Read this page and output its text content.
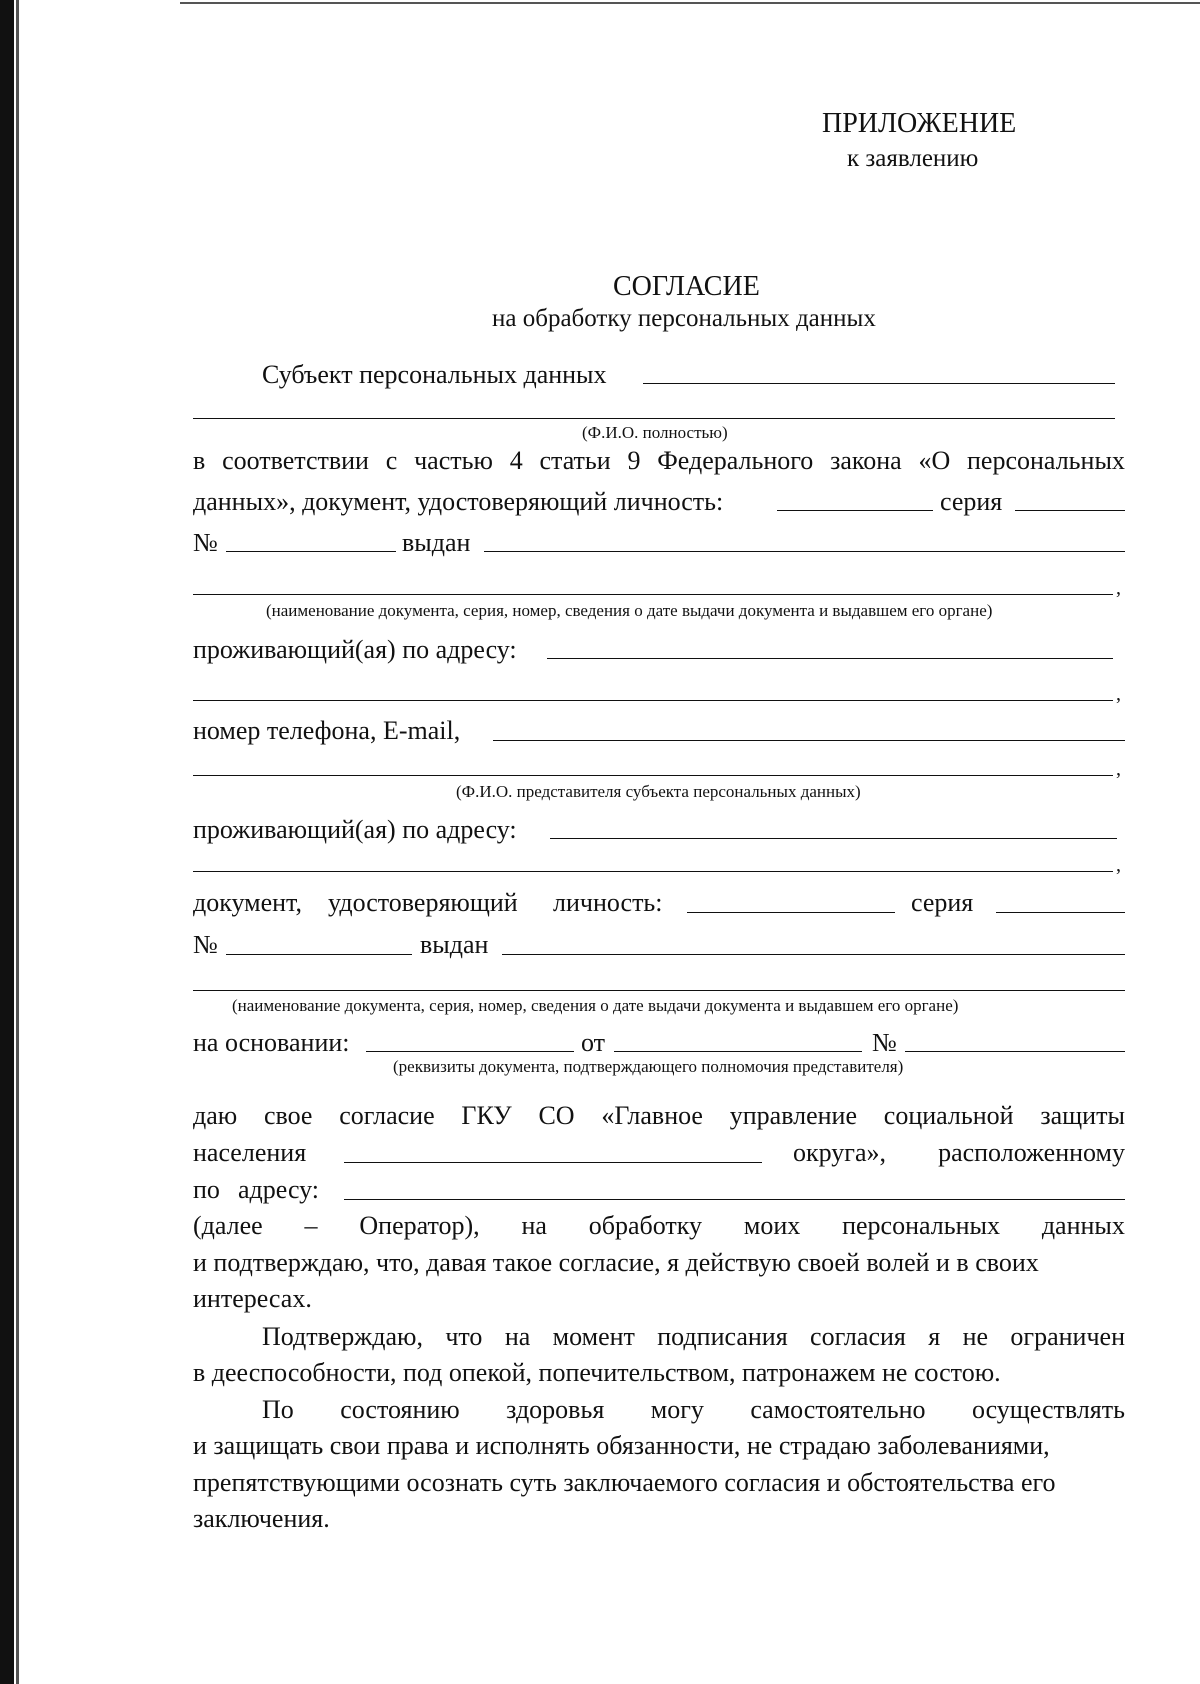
ПРИЛОЖЕНИЕ
к заявлению
СОГЛАСИЕ
на обработку персональных данных
Субъект персональных данных
(Ф.И.О. полностью)
в соответствии с частью 4 статьи 9 Федерального закона «О персональных
данных», документ, удостоверяющий личность:	серия
№	выдан
,
(наименование документа, серия, номер, сведения о дате выдачи документа и выдавшем его органе)
проживающий(ая) по адресу:
,
номер телефона, E-mail,
,
(Ф.И.О. представителя субъекта персональных данных)
проживающий(ая) по адресу:
,
документ, удостоверяющий личность:	серия
№	выдан
(наименование документа, серия, номер, сведения о дате выдачи документа и выдавшем его органе)
на основании:	от	№
(реквизиты документа, подтверждающего полномочия представителя)
даю свое согласие ГКУ СО «Главное управление социальной защиты
населения	округа»,	расположенному
по адресу:
(далее – Оператор), на обработку моих персональных данных
и подтверждаю, что, давая такое согласие, я действую своей волей и в своих
интересах.
Подтверждаю, что на момент подписания согласия я не ограничен
в дееспособности, под опекой, попечительством, патронажем не состою.
По состоянию здоровья могу самостоятельно осуществлять
и защищать свои права и исполнять обязанности, не страдаю заболеваниями,
препятствующими осознать суть заключаемого согласия и обстоятельства его
заключения.
